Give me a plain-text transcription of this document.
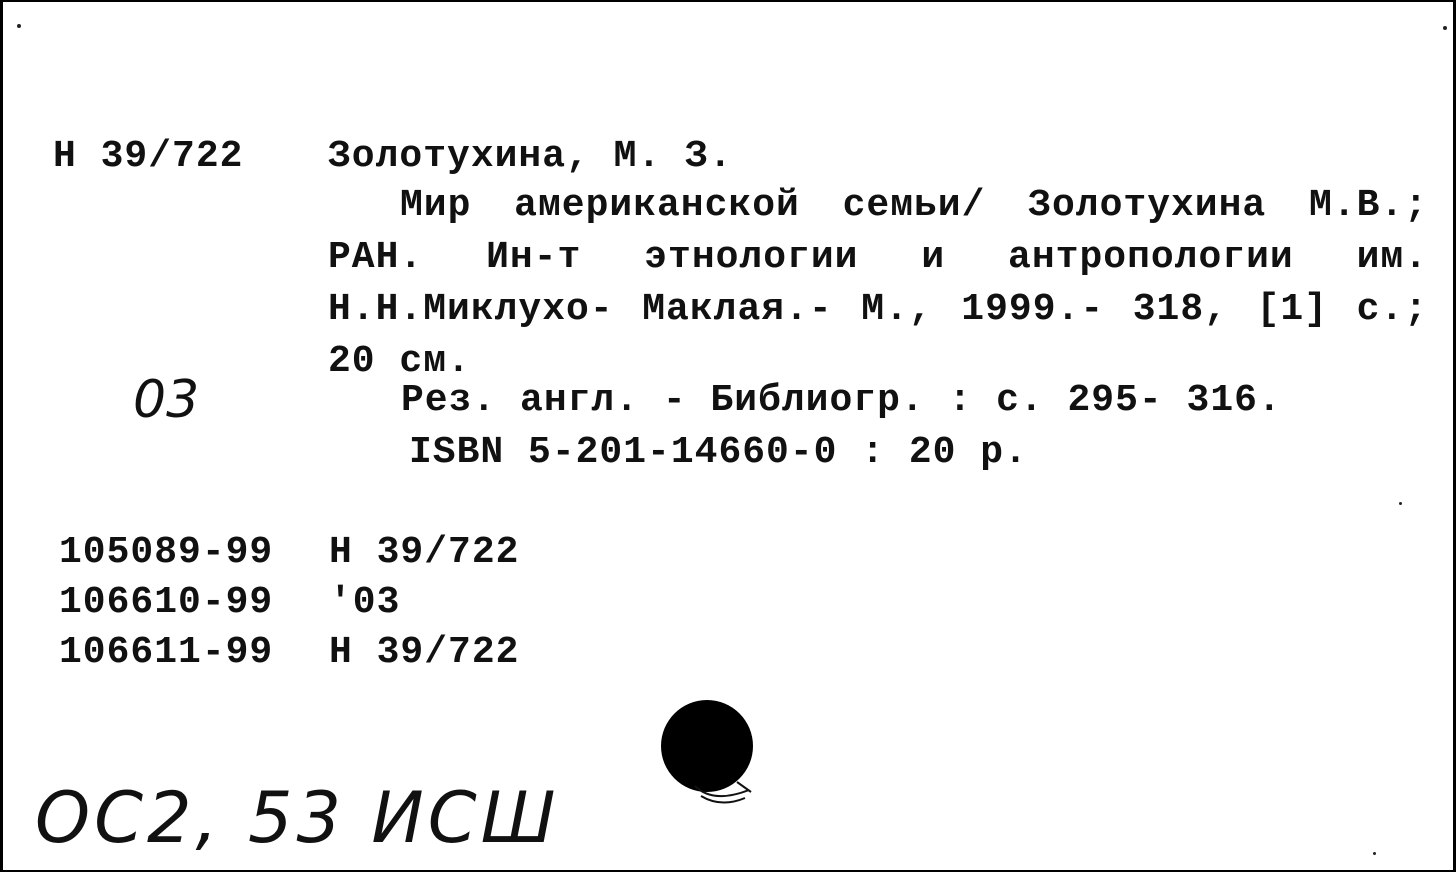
Н 39/722 Золотухина, М. З.
Мир американской семьи/ Золотухина М.В.; РАН. Ин-т этнологии и антропологии им. Н.Н.Миклухо- Маклая.- М., 1999.- 318, [1] с.; 20 см.
03	Рез. англ. - Библиогр. : с. 295- 316.
ISBN 5-201-14660-0 : 20 р.
105089-99	Н 39/722
106610-99	'03
106611-99	Н 39/722
ОС2, 53 ИСШ
